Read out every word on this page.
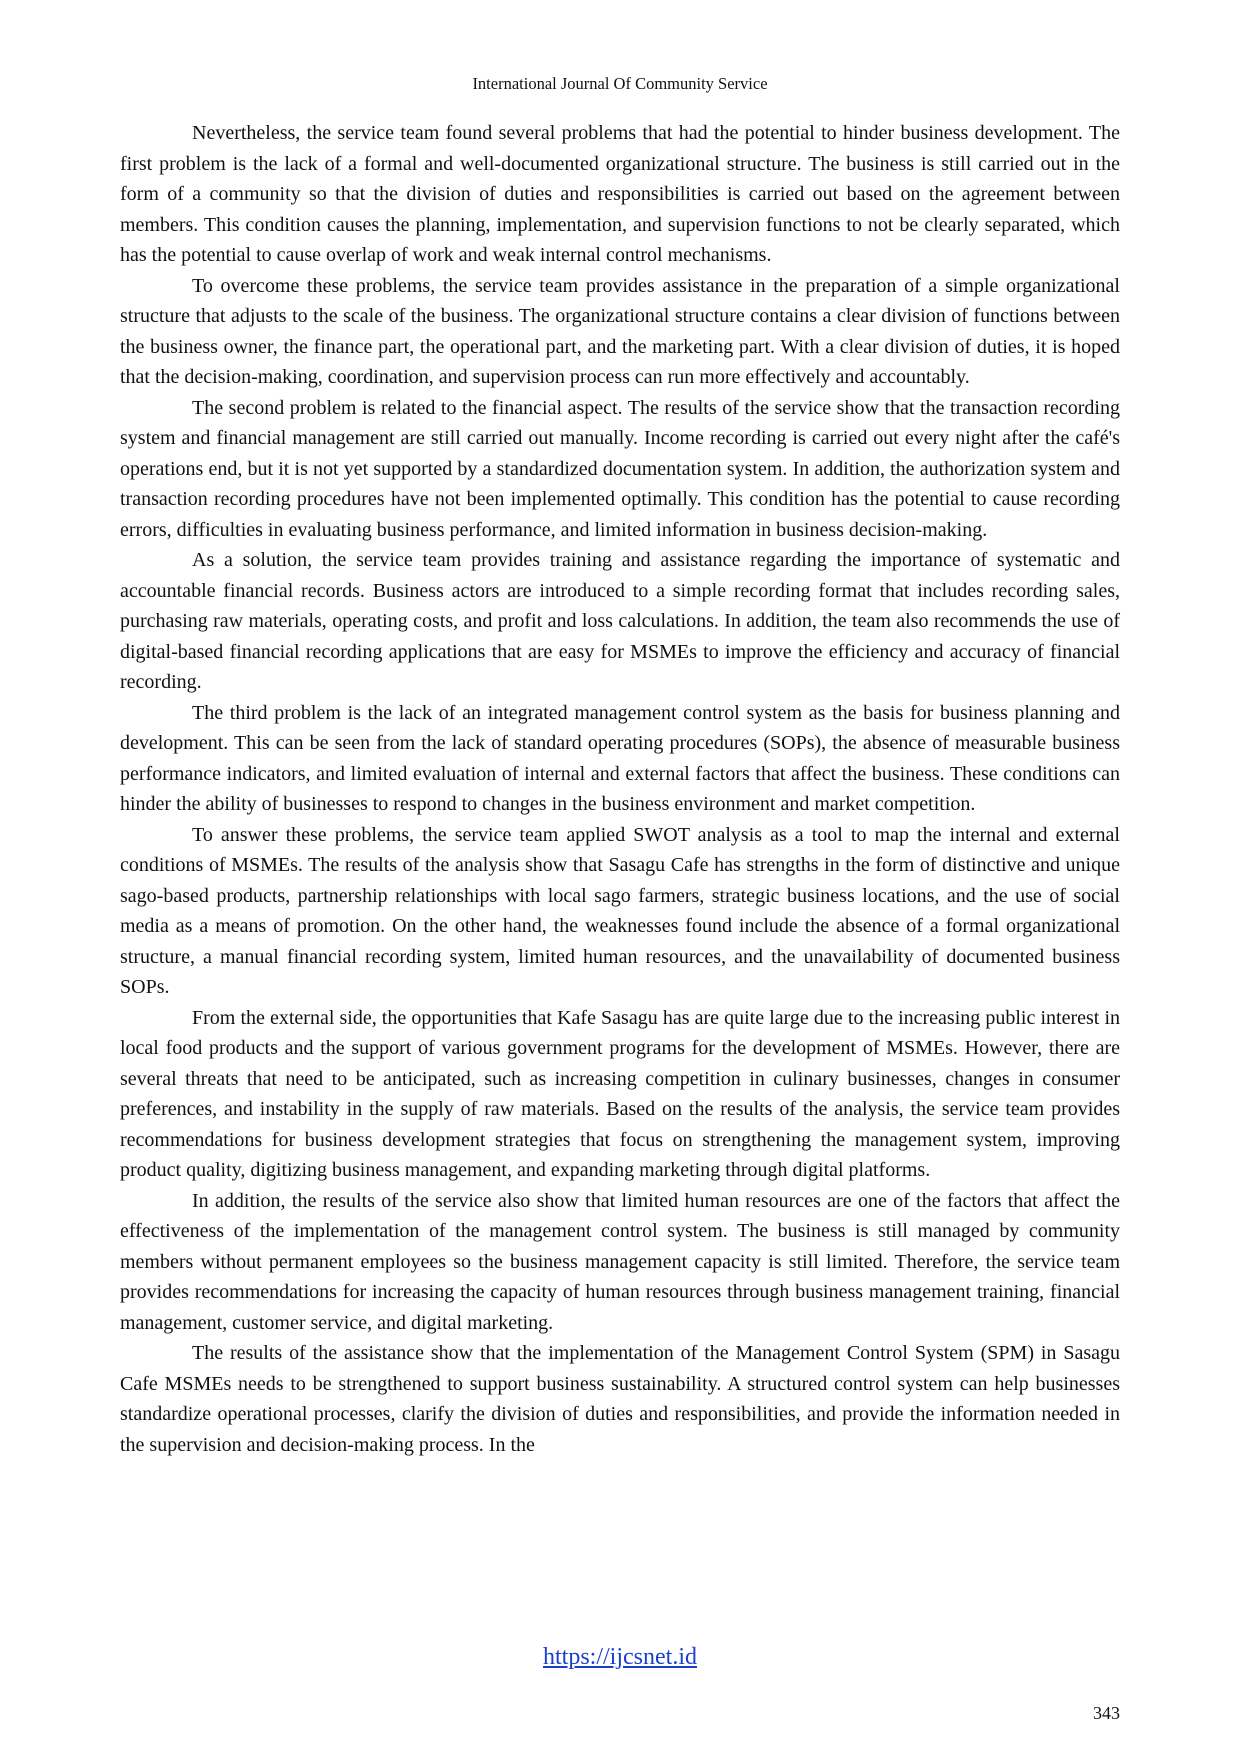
International Journal Of Community Service

Nevertheless, the service team found several problems that had the potential to hinder business development. The first problem is the lack of a formal and well-documented organizational structure. The business is still carried out in the form of a community so that the division of duties and responsibilities is carried out based on the agreement between members. This condition causes the planning, implementation, and supervision functions to not be clearly separated, which has the potential to cause overlap of work and weak internal control mechanisms.

To overcome these problems, the service team provides assistance in the preparation of a simple organizational structure that adjusts to the scale of the business. The organizational structure contains a clear division of functions between the business owner, the finance part, the operational part, and the marketing part. With a clear division of duties, it is hoped that the decision-making, coordination, and supervision process can run more effectively and accountably.

The second problem is related to the financial aspect. The results of the service show that the transaction recording system and financial management are still carried out manually. Income recording is carried out every night after the café's operations end, but it is not yet supported by a standardized documentation system. In addition, the authorization system and transaction recording procedures have not been implemented optimally. This condition has the potential to cause recording errors, difficulties in evaluating business performance, and limited information in business decision-making.

As a solution, the service team provides training and assistance regarding the importance of systematic and accountable financial records. Business actors are introduced to a simple recording format that includes recording sales, purchasing raw materials, operating costs, and profit and loss calculations. In addition, the team also recommends the use of digital-based financial recording applications that are easy for MSMEs to improve the efficiency and accuracy of financial recording.

The third problem is the lack of an integrated management control system as the basis for business planning and development. This can be seen from the lack of standard operating procedures (SOPs), the absence of measurable business performance indicators, and limited evaluation of internal and external factors that affect the business. These conditions can hinder the ability of businesses to respond to changes in the business environment and market competition.

To answer these problems, the service team applied SWOT analysis as a tool to map the internal and external conditions of MSMEs. The results of the analysis show that Sasagu Cafe has strengths in the form of distinctive and unique sago-based products, partnership relationships with local sago farmers, strategic business locations, and the use of social media as a means of promotion. On the other hand, the weaknesses found include the absence of a formal organizational structure, a manual financial recording system, limited human resources, and the unavailability of documented business SOPs.

From the external side, the opportunities that Kafe Sasagu has are quite large due to the increasing public interest in local food products and the support of various government programs for the development of MSMEs. However, there are several threats that need to be anticipated, such as increasing competition in culinary businesses, changes in consumer preferences, and instability in the supply of raw materials. Based on the results of the analysis, the service team provides recommendations for business development strategies that focus on strengthening the management system, improving product quality, digitizing business management, and expanding marketing through digital platforms.

In addition, the results of the service also show that limited human resources are one of the factors that affect the effectiveness of the implementation of the management control system. The business is still managed by community members without permanent employees so the business management capacity is still limited. Therefore, the service team provides recommendations for increasing the capacity of human resources through business management training, financial management, customer service, and digital marketing.

The results of the assistance show that the implementation of the Management Control System (SPM) in Sasagu Cafe MSMEs needs to be strengthened to support business sustainability. A structured control system can help businesses standardize operational processes, clarify the division of duties and responsibilities, and provide the information needed in the supervision and decision-making process. In the

https://ijcsnet.id
343
